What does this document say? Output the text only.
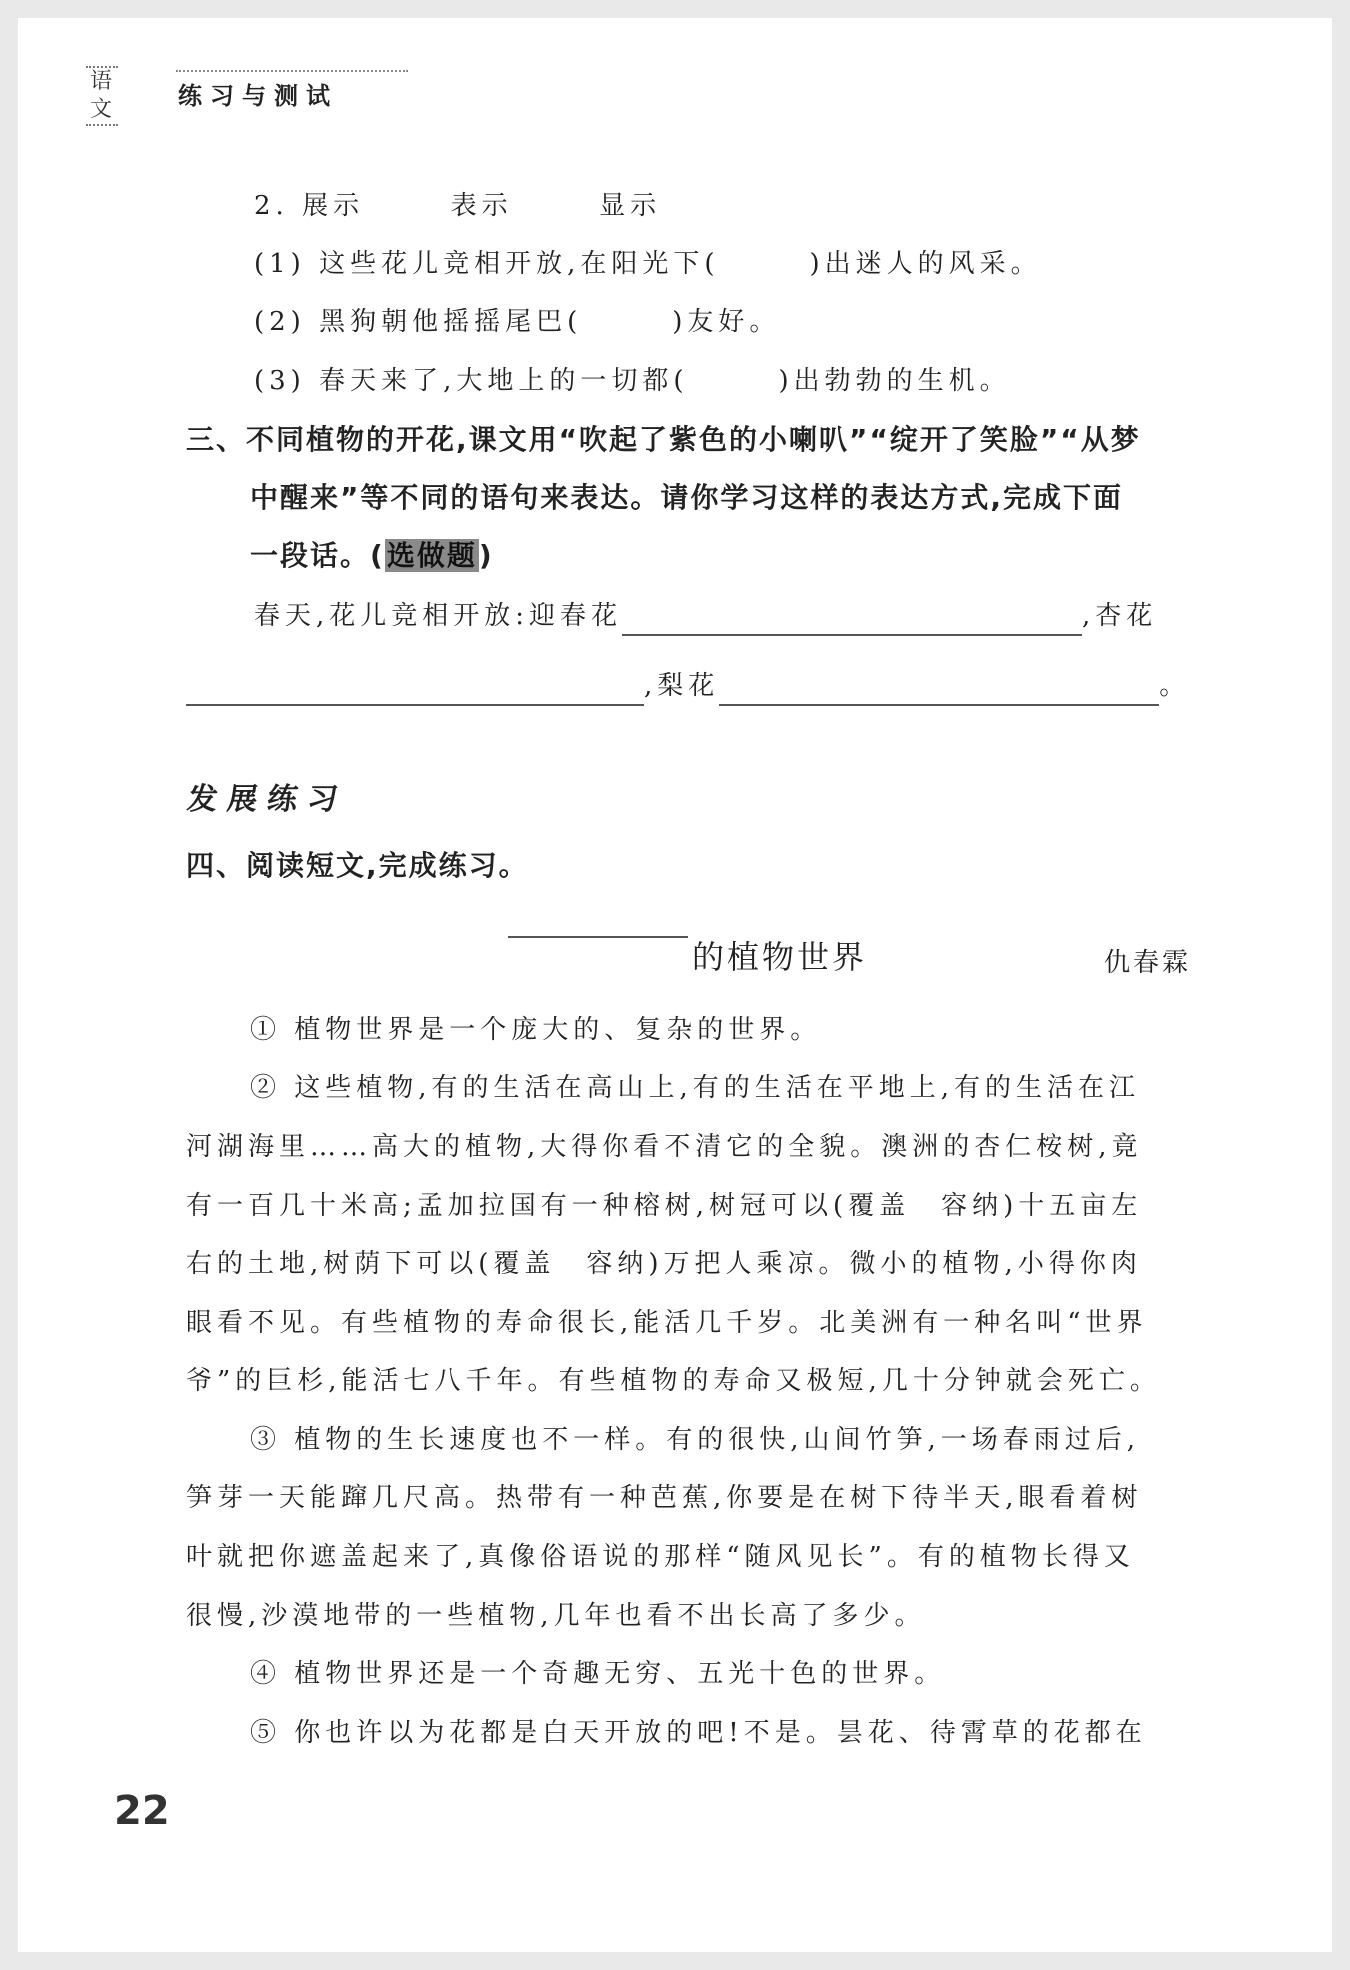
语文	练习与测试
2. 展示	表示	显示
(1) 这些花儿竞相开放,在阳光下(	)出迷人的风采。
(2) 黑狗朝他摇摇尾巴(	)友好。
(3) 春天来了,大地上的一切都(	)出勃勃的生机。
三、不同植物的开花,课文用“吹起了紫色的小喇叭”“绽开了笑脸”“从梦
中醒来”等不同的语句来表达。请你学习这样的表达方式,完成下面
一段话。(选做题)
春天,花儿竞相开放:迎春花	,杏花
,梨花	。
发展练习
四、阅读短文,完成练习。
的植物世界	仇春霖
① 植物世界是一个庞大的、复杂的世界。
② 这些植物,有的生活在高山上,有的生活在平地上,有的生活在江
河湖海里……高大的植物,大得你看不清它的全貌。澳洲的杏仁桉树,竟
有一百几十米高;孟加拉国有一种榕树,树冠可以(覆盖　容纳)十五亩左
右的土地,树荫下可以(覆盖　容纳)万把人乘凉。微小的植物,小得你肉
眼看不见。有些植物的寿命很长,能活几千岁。北美洲有一种名叫“世界
爷”的巨杉,能活七八千年。有些植物的寿命又极短,几十分钟就会死亡。
③ 植物的生长速度也不一样。有的很快,山间竹笋,一场春雨过后,
笋芽一天能蹿几尺高。热带有一种芭蕉,你要是在树下待半天,眼看着树
叶就把你遮盖起来了,真像俗语说的那样“随风见长”。有的植物长得又
很慢,沙漠地带的一些植物,几年也看不出长高了多少。
④ 植物世界还是一个奇趣无穷、五光十色的世界。
⑤ 你也许以为花都是白天开放的吧!不是。昙花、待霄草的花都在
22
